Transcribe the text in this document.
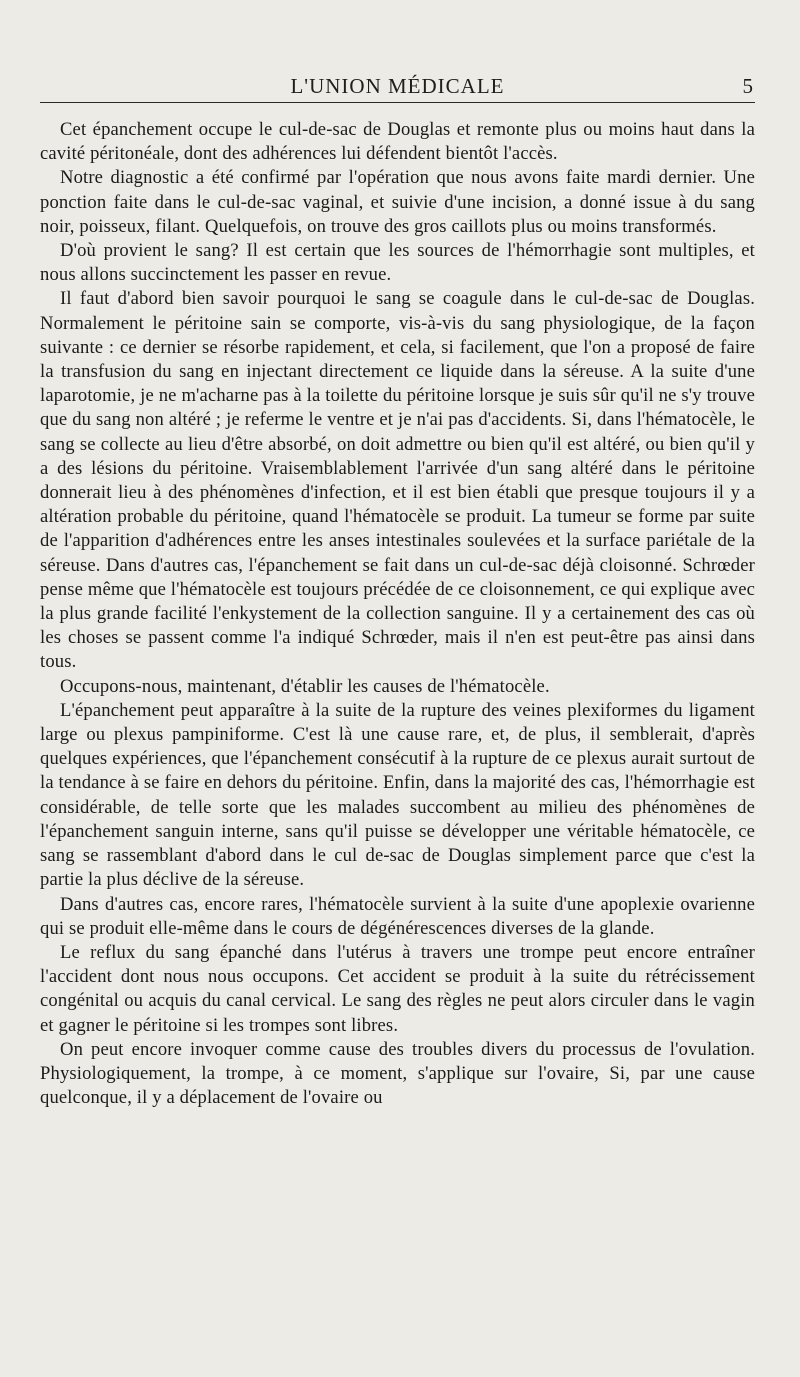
L'UNION MÉDICALE	5

Cet épanchement occupe le cul-de-sac de Douglas et remonte plus ou moins haut dans la cavité péritonéale, dont des adhérences lui défendent bientôt l'accès.

Notre diagnostic a été confirmé par l'opération que nous avons faite mardi dernier. Une ponction faite dans le cul-de-sac vaginal, et suivie d'une incision, a donné issue à du sang noir, poisseux, filant. Quelquefois, on trouve des gros caillots plus ou moins transformés.

D'où provient le sang? Il est certain que les sources de l'hémorrhagie sont multiples, et nous allons succinctement les passer en revue.

Il faut d'abord bien savoir pourquoi le sang se coagule dans le cul-de-sac de Douglas. Normalement le péritoine sain se comporte, vis-à-vis du sang physiologique, de la façon suivante : ce dernier se résorbe rapidement, et cela, si facilement, que l'on a proposé de faire la transfusion du sang en injectant directement ce liquide dans la séreuse. A la suite d'une laparotomie, je ne m'acharne pas à la toilette du péritoine lorsque je suis sûr qu'il ne s'y trouve que du sang non altéré ; je referme le ventre et je n'ai pas d'accidents. Si, dans l'hématocèle, le sang se collecte au lieu d'être absorbé, on doit admettre ou bien qu'il est altéré, ou bien qu'il y a des lésions du péritoine. Vraisemblablement l'arrivée d'un sang altéré dans le péritoine donnerait lieu à des phénomènes d'infection, et il est bien établi que presque toujours il y a altération probable du péritoine, quand l'hématocèle se produit. La tumeur se forme par suite de l'apparition d'adhérences entre les anses intestinales soulevées et la surface pariétale de la séreuse. Dans d'autres cas, l'épanchement se fait dans un cul-de-sac déjà cloisonné. Schrœder pense même que l'hématocèle est toujours précédée de ce cloisonnement, ce qui explique avec la plus grande facilité l'enkystement de la collection sanguine. Il y a certainement des cas où les choses se passent comme l'a indiqué Schrœder, mais il n'en est peut-être pas ainsi dans tous.

Occupons-nous, maintenant, d'établir les causes de l'hématocèle.

L'épanchement peut apparaître à la suite de la rupture des veines plexiformes du ligament large ou plexus pampiniforme. C'est là une cause rare, et, de plus, il semblerait, d'après quelques expériences, que l'épanchement consécutif à la rupture de ce plexus aurait surtout de la tendance à se faire en dehors du péritoine. Enfin, dans la majorité des cas, l'hémorrhagie est considérable, de telle sorte que les malades succombent au milieu des phénomènes de l'épanchement sanguin interne, sans qu'il puisse se développer une véritable hématocèle, ce sang se rassemblant d'abord dans le cul de-sac de Douglas simplement parce que c'est la partie la plus déclive de la séreuse.

Dans d'autres cas, encore rares, l'hématocèle survient à la suite d'une apoplexie ovarienne qui se produit elle-même dans le cours de dégénérescences diverses de la glande.

Le reflux du sang épanché dans l'utérus à travers une trompe peut encore entraîner l'accident dont nous nous occupons. Cet accident se produit à la suite du rétrécissement congénital ou acquis du canal cervical. Le sang des règles ne peut alors circuler dans le vagin et gagner le péritoine si les trompes sont libres.

On peut encore invoquer comme cause des troubles divers du processus de l'ovulation. Physiologiquement, la trompe, à ce moment, s'applique sur l'ovaire, Si, par une cause quelconque, il y a déplacement de l'ovaire ou
